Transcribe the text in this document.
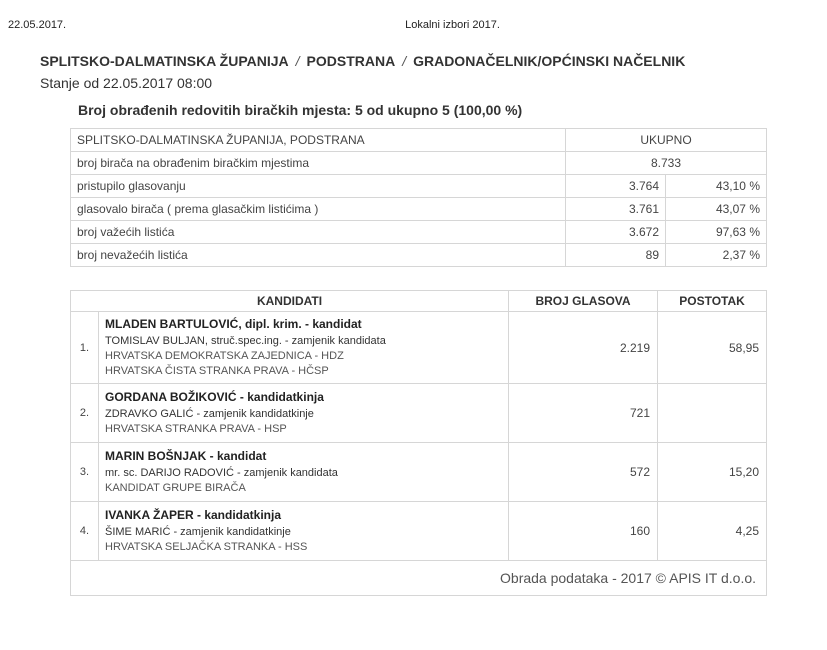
22.05.2017.	Lokalni izbori 2017.
SPLITSKO-DALMATINSKA ŽUPANIJA / PODSTRANA / GRADONAČELNIK/OPĆINSKI NAČELNIK
Stanje od 22.05.2017 08:00
Broj obrađenih redovitih biračkih mjesta: 5 od ukupno 5 (100,00 %)
SPLITSKO-DALMATINSKA ŽUPANIJA, PODSTRANA	UKUPNO	
broj birača na obrađenim biračkim mjestima	8.733	
pristupilo glasovanju	3.764	43,10 %
glasovalo birača ( prema glasačkim listićima )	3.761	43,07 %
broj važećih listića	3.672	97,63 %
broj nevažećih listića	89	2,37 %
KANDIDATI		BROJ GLASOVA	POSTOTAK
1.	MLADEN BARTULOVIĆ, dipl. krim. - kandidat
TOMISLAV BULJAN, struč.spec.ing. - zamjenik kandidata
HRVATSKA DEMOKRATSKA ZAJEDNICA - HDZ
HRVATSKA ČISTA STRANKA PRAVA - HČSP	2.219	58,95
2.	GORDANA BOŽIKOVIĆ - kandidatkinja
ZDRAVKO GALIĆ - zamjenik kandidatkinje
HRVATSKA STRANKA PRAVA - HSP	721	
3.	MARIN BOŠNJAK - kandidat
mr. sc. DARIJO RADOVIĆ - zamjenik kandidata
KANDIDAT GRUPE BIRAČA	572	15,20
4.	IVANKA ŽAPER - kandidatkinja
ŠIME MARIĆ - zamjenik kandidatkinje
HRVATSKA SELJAČKA STRANKA - HSS	160	4,25
Obrada podataka - 2017 © APIS IT d.o.o.			
